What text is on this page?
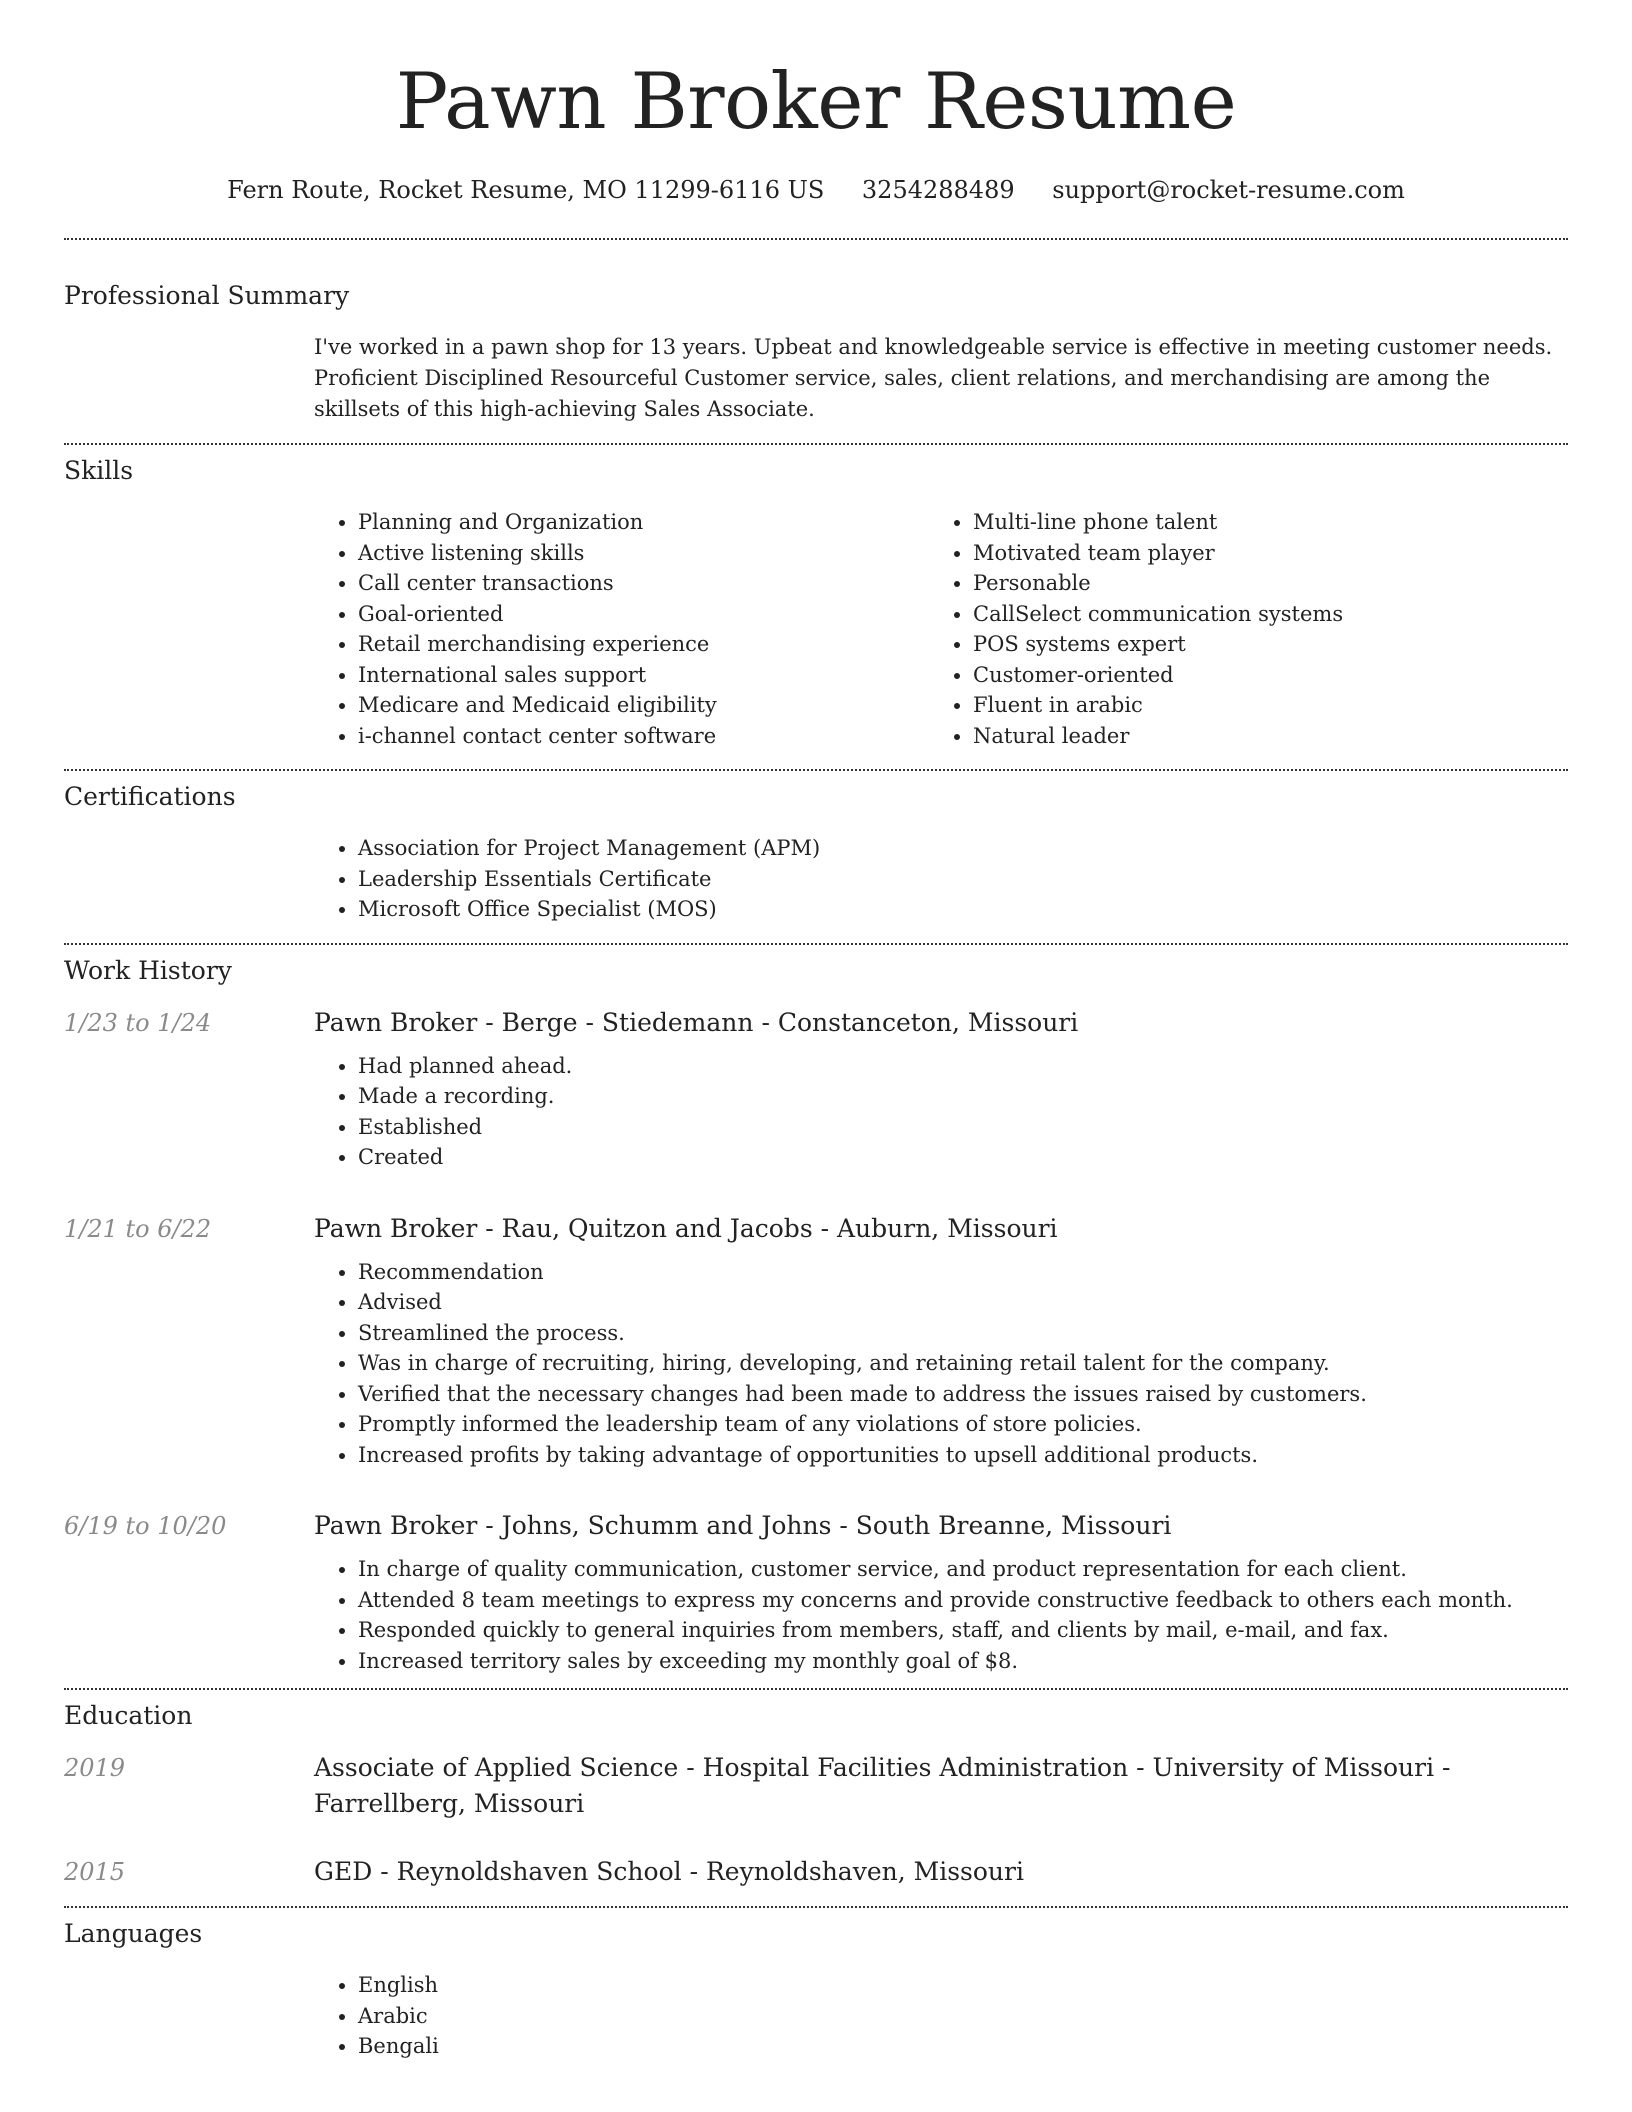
Pawn Broker Resume
Fern Route, Rocket Resume, MO 11299-6116 US 3254288489 support@rocket-resume.com
Professional Summary

I've worked in a pawn shop for 13 years. Upbeat and knowledgeable service is effective in meeting customer needs. Proficient Disciplined Resourceful Customer service, sales, client relations, and merchandising are among the skillsets of this high-achieving Sales Associate.

Skills
• Planning and Organization
• Active listening skills
• Call center transactions
• Goal-oriented
• Retail merchandising experience
• International sales support
• Medicare and Medicaid eligibility
• i-channel contact center software
• Multi-line phone talent
• Motivated team player
• Personable
• CallSelect communication systems
• POS systems expert
• Customer-oriented
• Fluent in arabic
• Natural leader
Certifications
• Association for Project Management (APM)
• Leadership Essentials Certificate
• Microsoft Office Specialist (MOS)
Work History
1/23 to 1/24	Pawn Broker - Berge - Stiedemann - Constanceton, Missouri
• Had planned ahead.
• Made a recording.
• Established
• Created
1/21 to 6/22	Pawn Broker - Rau, Quitzon and Jacobs - Auburn, Missouri
• Recommendation
• Advised
• Streamlined the process.
• Was in charge of recruiting, hiring, developing, and retaining retail talent for the company.
• Verified that the necessary changes had been made to address the issues raised by customers.
• Promptly informed the leadership team of any violations of store policies.
• Increased profits by taking advantage of opportunities to upsell additional products.
6/19 to 10/20	Pawn Broker - Johns, Schumm and Johns - South Breanne, Missouri
• In charge of quality communication, customer service, and product representation for each client.
• Attended 8 team meetings to express my concerns and provide constructive feedback to others each month.
• Responded quickly to general inquiries from members, staff, and clients by mail, e-mail, and fax.
• Increased territory sales by exceeding my monthly goal of $8.
Education
2019	Associate of Applied Science - Hospital Facilities Administration - University of Missouri - Farrellberg, Missouri
2015	GED - Reynoldshaven School - Reynoldshaven, Missouri
Languages
• English
• Arabic
• Bengali
